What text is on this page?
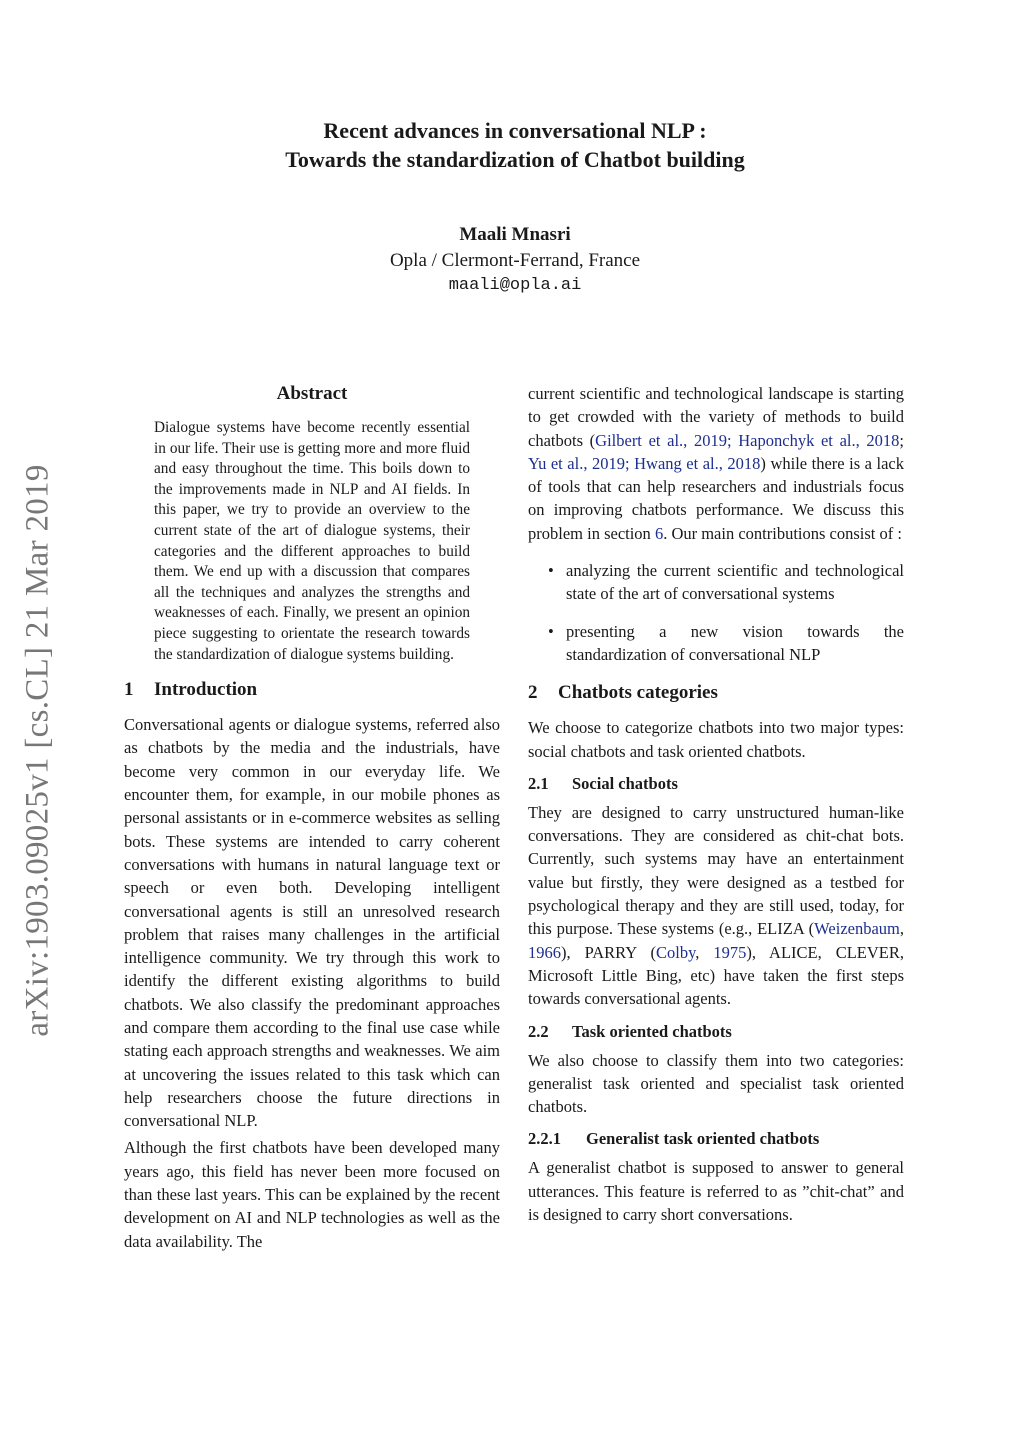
arXiv:1903.09025v1 [cs.CL] 21 Mar 2019
Recent advances in conversational NLP :
Towards the standardization of Chatbot building
Maali Mnasri
Opla / Clermont-Ferrand, France
maali@opla.ai
Abstract
Dialogue systems have become recently essential in our life. Their use is getting more and more fluid and easy throughout the time. This boils down to the improvements made in NLP and AI fields. In this paper, we try to provide an overview to the current state of the art of dialogue systems, their categories and the different approaches to build them. We end up with a discussion that compares all the techniques and analyzes the strengths and weaknesses of each. Finally, we present an opinion piece suggesting to orientate the research towards the standardization of dialogue systems building.
1 Introduction

Conversational agents or dialogue systems, referred also as chatbots by the media and the industrials, have become very common in our everyday life. We encounter them, for example, in our mobile phones as personal assistants or in e-commerce websites as selling bots. These systems are intended to carry coherent conversations with humans in natural language text or speech or even both. Developing intelligent conversational agents is still an unresolved research problem that raises many challenges in the artificial intelligence community. We try through this work to identify the different existing algorithms to build chatbots. We also classify the predominant approaches and compare them according to the final use case while stating each approach strengths and weaknesses. We aim at uncovering the issues related to this task which can help researchers choose the future directions in conversational NLP.

Although the first chatbots have been developed many years ago, this field has never been more focused on than these last years. This can be explained by the recent development on AI and NLP technologies as well as the data availability. The

current scientific and technological landscape is starting to get crowded with the variety of methods to build chatbots (Gilbert et al., 2019; Haponchyk et al., 2018; Yu et al., 2019; Hwang et al., 2018) while there is a lack of tools that can help researchers and industrials focus on improving chatbots performance. We discuss this problem in section 6. Our main contributions consist of :

• analyzing the current scientific and technological state of the art of conversational systems
• presenting a new vision towards the standardization of conversational NLP
2 Chatbots categories

We choose to categorize chatbots into two major types: social chatbots and task oriented chatbots.

2.1 Social chatbots

They are designed to carry unstructured human-like conversations. They are considered as chit-chat bots. Currently, such systems may have an entertainment value but firstly, they were designed as a testbed for psychological therapy and they are still used, today, for this purpose. These systems (e.g., ELIZA (Weizenbaum, 1966), PARRY (Colby, 1975), ALICE, CLEVER, Microsoft Little Bing, etc) have taken the first steps towards conversational agents.

2.2 Task oriented chatbots

We also choose to classify them into two categories: generalist task oriented and specialist task oriented chatbots.

2.2.1 Generalist task oriented chatbots

A generalist chatbot is supposed to answer to general utterances. This feature is referred to as ”chit-chat” and is designed to carry short conversations.
